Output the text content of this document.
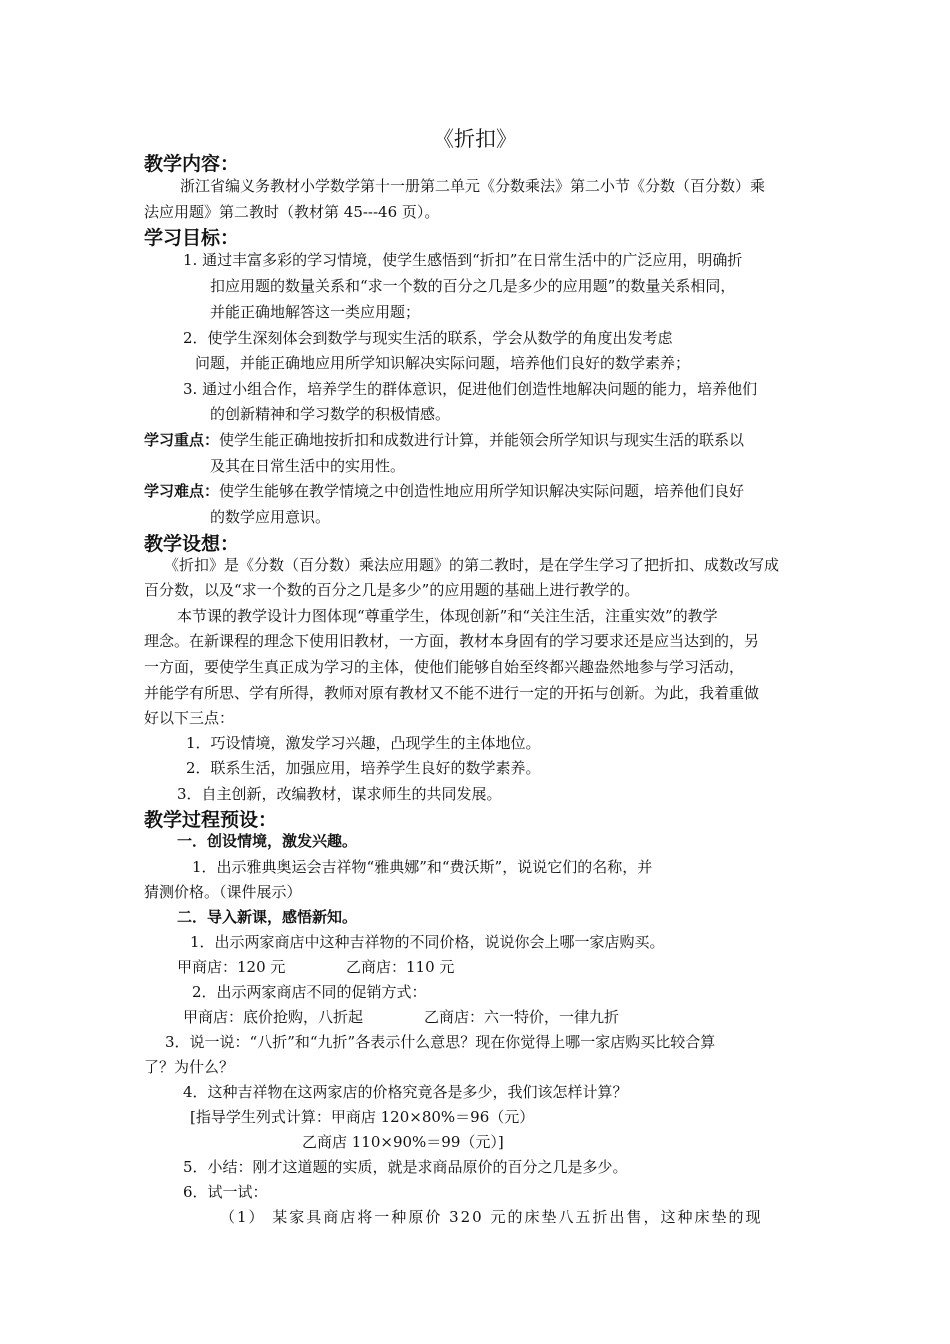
《折扣》
教学内容：
浙江省编义务教材小学数学第十一册第二单元《分数乘法》第二小节《分数（百分数）乘
法应用题》第二教时（教材第 45---46 页）。
学习目标：
1. 通过丰富多彩的学习情境，使学生感悟到“折扣”在日常生活中的广泛应用，明确折
扣应用题的数量关系和“求一个数的百分之几是多少的应用题”的数量关系相同，
并能正确地解答这一类应用题；
2．使学生深刻体会到数学与现实生活的联系，学会从数学的角度出发考虑
问题，并能正确地应用所学知识解决实际问题，培养他们良好的数学素养；
3. 通过小组合作，培养学生的群体意识，促进他们创造性地解决问题的能力，培养他们
的创新精神和学习数学的积极情感。
学习重点：使学生能正确地按折扣和成数进行计算，并能领会所学知识与现实生活的联系以
及其在日常生活中的实用性。
学习难点：使学生能够在教学情境之中创造性地应用所学知识解决实际问题，培养他们良好
的数学应用意识。
教学设想：
《折扣》是《分数（百分数）乘法应用题》的第二教时，是在学生学习了把折扣、成数改写成
百分数，以及“求一个数的百分之几是多少”的应用题的基础上进行教学的。
本节课的教学设计力图体现“尊重学生，体现创新”和“关注生活，注重实效”的教学
理念。在新课程的理念下使用旧教材，一方面，教材本身固有的学习要求还是应当达到的，另
一方面，要使学生真正成为学习的主体，使他们能够自始至终都兴趣盎然地参与学习活动，
并能学有所思、学有所得，教师对原有教材又不能不进行一定的开拓与创新。为此，我着重做
好以下三点：
1．巧设情境，激发学习兴趣，凸现学生的主体地位。
2．联系生活，加强应用，培养学生良好的数学素养。
3．自主创新，改编教材，谋求师生的共同发展。
教学过程预设：
一．创设情境，激发兴趣。
1．出示雅典奥运会吉祥物“雅典娜”和“费沃斯”，说说它们的名称，并
猜测价格。（课件展示）
二．导入新课，感悟新知。
1．出示两家商店中这种吉祥物的不同价格，说说你会上哪一家店购买。
甲商店：120 元	乙商店：110 元
2．出示两家商店不同的促销方式：
甲商店：底价抢购，八折起	乙商店：六一特价，一律九折
3．说一说：“八折”和“九折”各表示什么意思？现在你觉得上哪一家店购买比较合算
了？为什么？
4．这种吉祥物在这两家店的价格究竟各是多少，我们该怎样计算？
[指导学生列式计算：甲商店 120×80%＝96（元）
乙商店 110×90%＝99（元）]
5．小结：刚才这道题的实质，就是求商品原价的百分之几是多少。
6．试一试：
（1） 某家具商店将一种原价 320 元的床垫八五折出售，这种床垫的现
